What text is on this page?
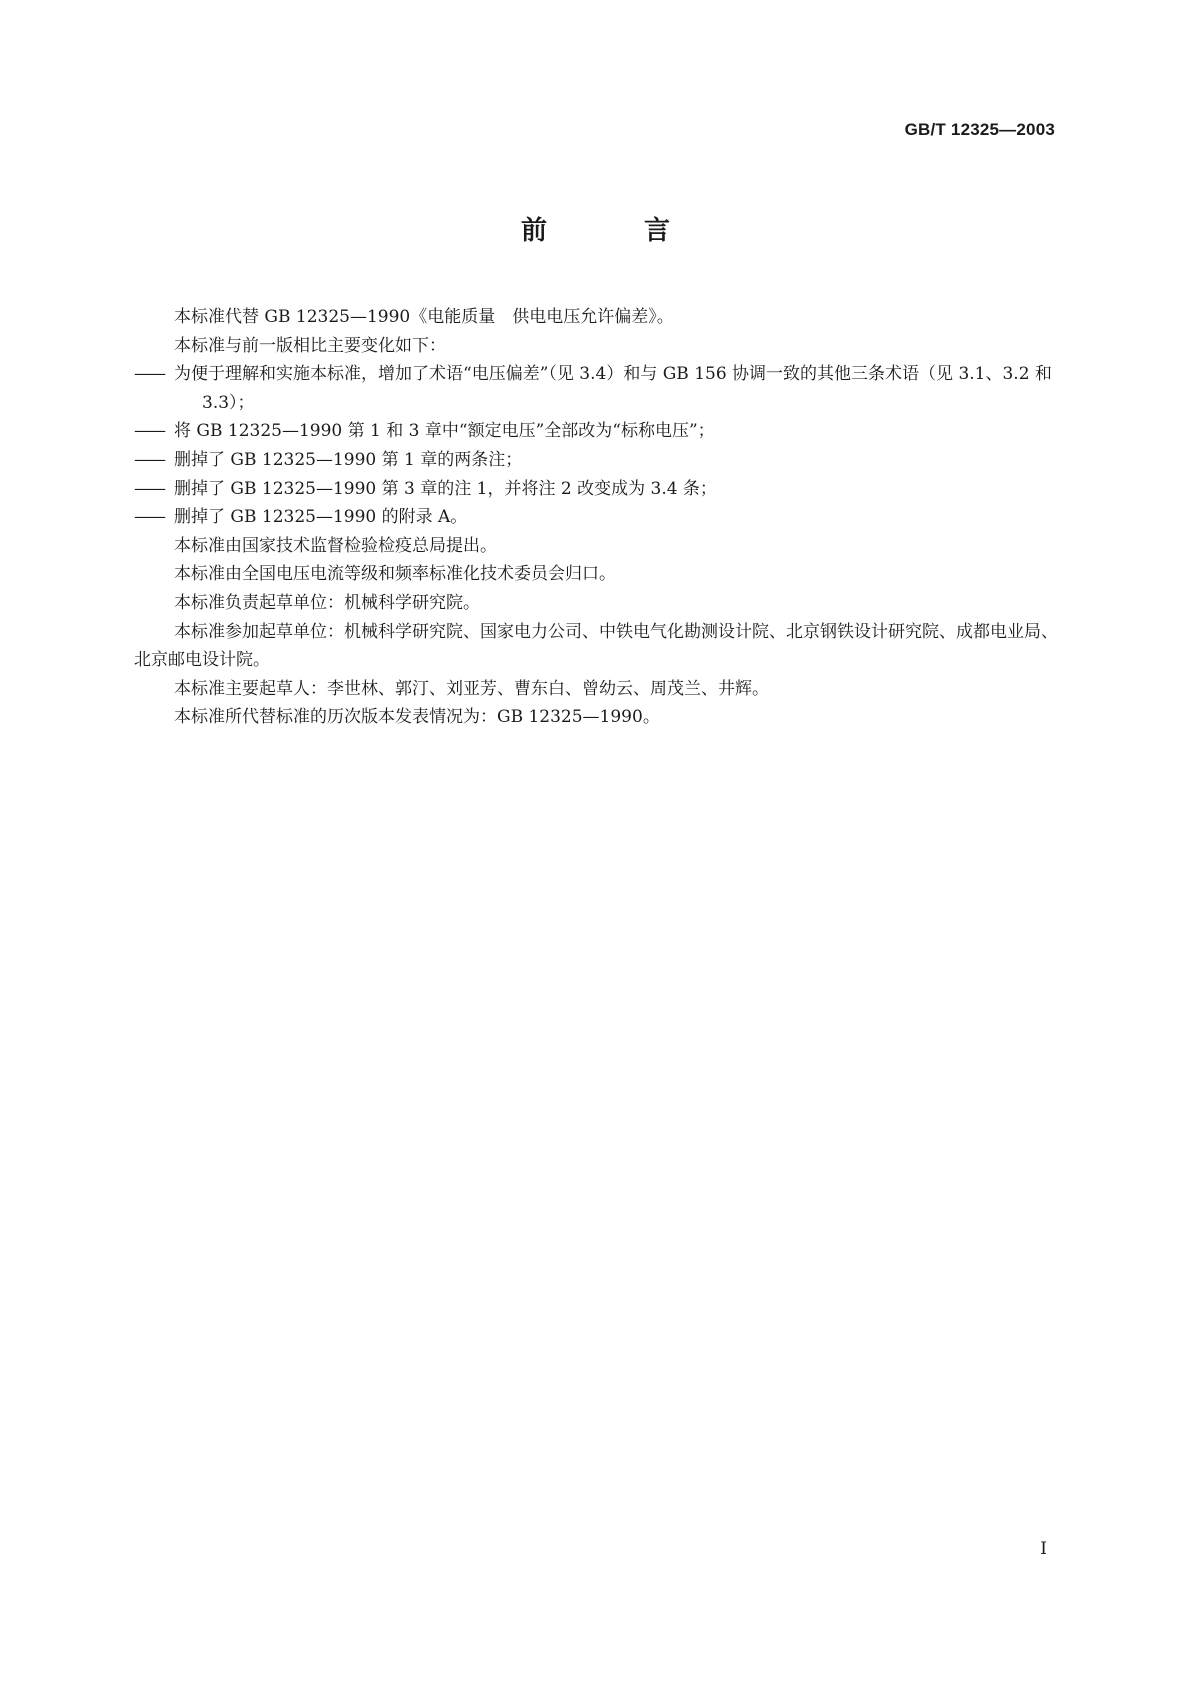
GB/T 12325—2003
前 言

本标准代替 GB 12325—1990《电能质量　供电电压允许偏差》。

本标准与前一版相比主要变化如下：

—— 为便于理解和实施本标准，增加了术语“电压偏差”（见 3.4）和与 GB 156 协调一致的其他三条术语（见 3.1、3.2 和 3.3）；

—— 将 GB 12325—1990 第 1 和 3 章中“额定电压”全部改为“标称电压”；

—— 删掉了 GB 12325—1990 第 1 章的两条注；

—— 删掉了 GB 12325—1990 第 3 章的注 1，并将注 2 改变成为 3.4 条；

—— 删掉了 GB 12325—1990 的附录 A。

本标准由国家技术监督检验检疫总局提出。

本标准由全国电压电流等级和频率标准化技术委员会归口。

本标准负责起草单位：机械科学研究院。

本标准参加起草单位：机械科学研究院、国家电力公司、中铁电气化勘测设计院、北京钢铁设计研究院、成都电业局、北京邮电设计院。

本标准主要起草人：李世林、郭汀、刘亚芳、曹东白、曾幼云、周茂兰、井辉。

本标准所代替标准的历次版本发表情况为：GB 12325—1990。

I
